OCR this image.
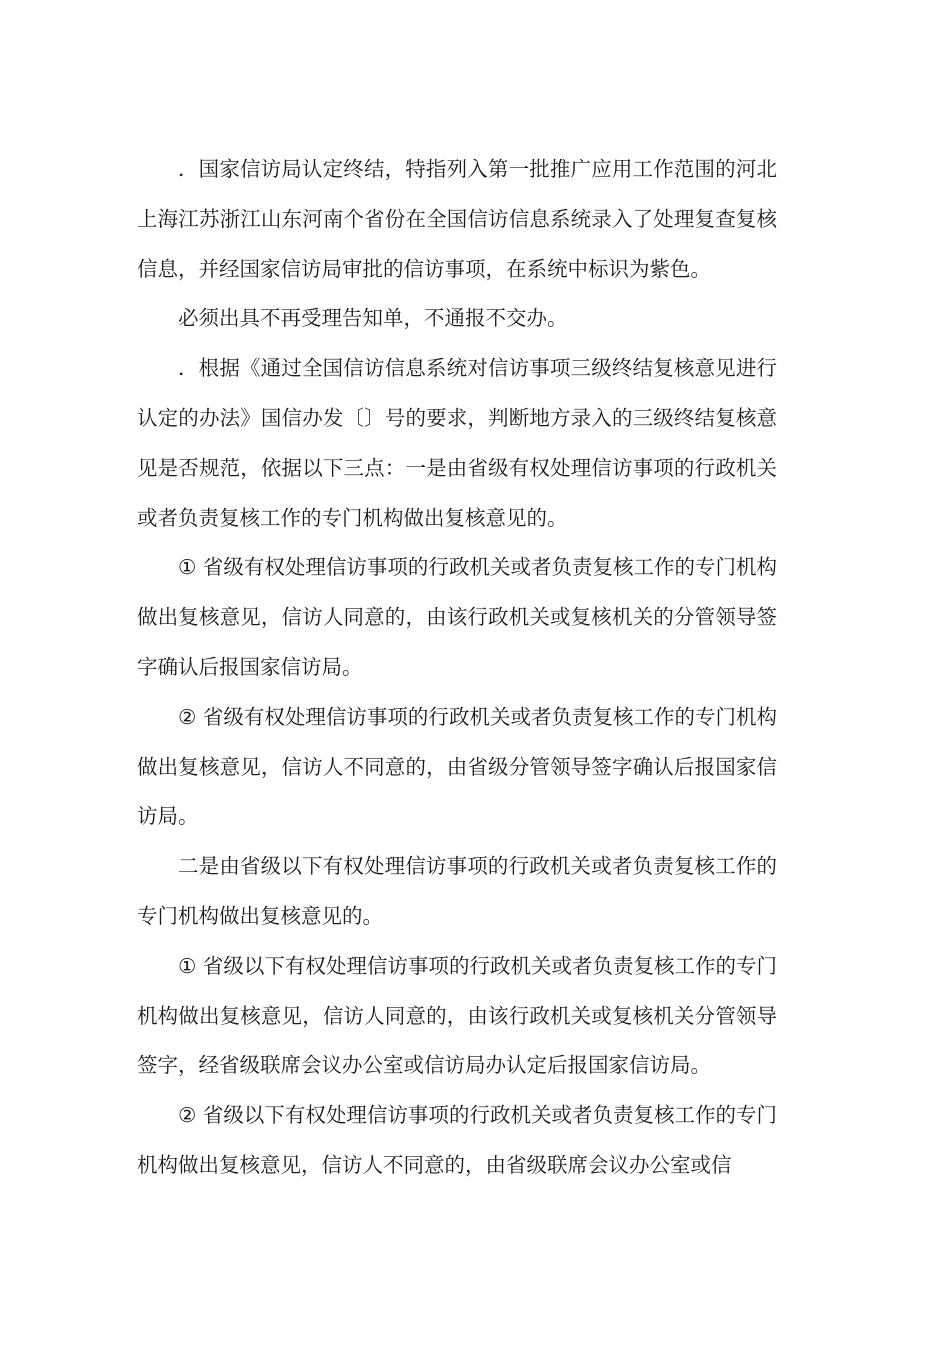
．国家信访局认定终结，特指列入第一批推广应用工作范围的河北上海江苏浙江山东河南个省份在全国信访信息系统录入了处理复查复核信息，并经国家信访局审批的信访事项，在系统中标识为紫色。

必须出具不再受理告知单，不通报不交办。

．根据《通过全国信访信息系统对信访事项三级终结复核意见进行认定的办法》国信办发〔〕号的要求，判断地方录入的三级终结复核意见是否规范，依据以下三点：一是由省级有权处理信访事项的行政机关或者负责复核工作的专门机构做出复核意见的。

① 省级有权处理信访事项的行政机关或者负责复核工作的专门机构做出复核意见，信访人同意的，由该行政机关或复核机关的分管领导签字确认后报国家信访局。

② 省级有权处理信访事项的行政机关或者负责复核工作的专门机构做出复核意见，信访人不同意的，由省级分管领导签字确认后报国家信访局。

二是由省级以下有权处理信访事项的行政机关或者负责复核工作的专门机构做出复核意见的。

① 省级以下有权处理信访事项的行政机关或者负责复核工作的专门机构做出复核意见，信访人同意的，由该行政机关或复核机关分管领导签字，经省级联席会议办公室或信访局办认定后报国家信访局。

② 省级以下有权处理信访事项的行政机关或者负责复核工作的专门机构做出复核意见，信访人不同意的，由省级联席会议办公室或信
